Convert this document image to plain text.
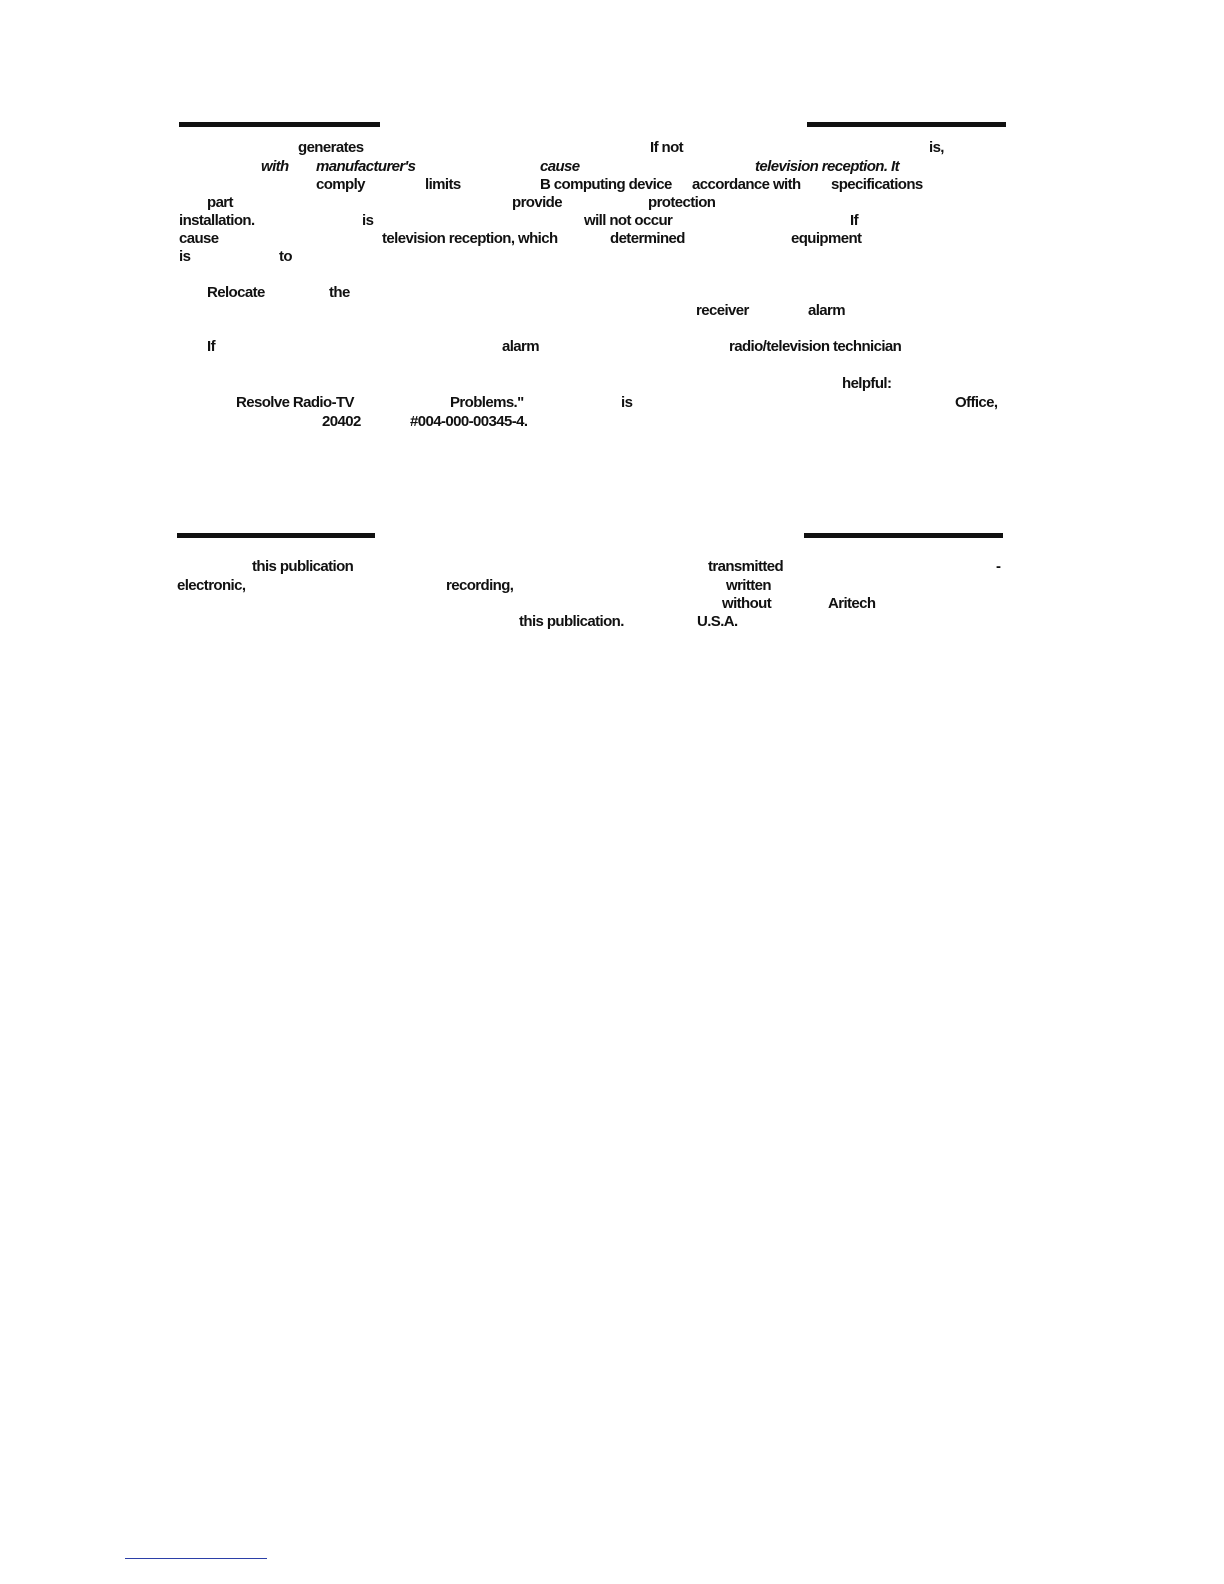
generates	If not	is,
with manufacturer's	cause	television reception. It
comply	limits	B computing device accordance with specifications
part	provide	protection
installation.	is	will not occur	If
cause	television reception, which	determined	equipment
is	to
Relocate	the
receiver	alarm
If	alarm	radio/television technician
helpful:
Resolve Radio-TV	Problems."	is	Office,
20402	#004-000-00345-4.
this publication	transmitted	-
electronic,	recording,	written
without	Aritech
this publication.	U.S.A.
